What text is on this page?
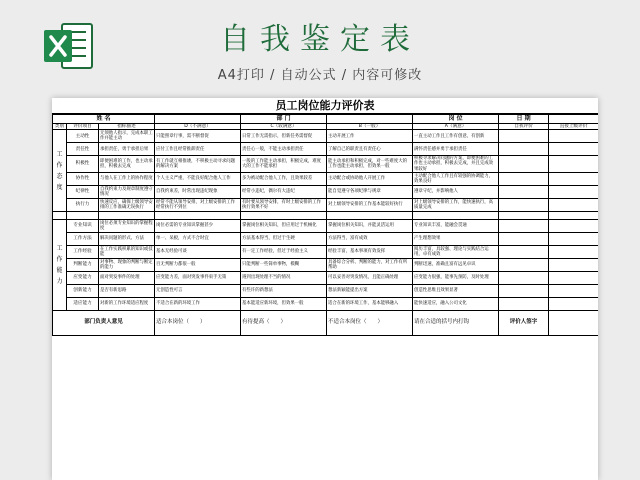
自我鉴定表
A4打印 / 自动公式 / 内容可修改
员工岗位能力评价表
姓 名				部 门		岗 位	日 期	
类别	评价项目	指标描述	D（不满意）	C（较满意）	B（一般）	A（满意）	自我评价	直接上级评价
工作态度	主动性	无须他人指示，完成本职工作并能主动	只能照章行事，需不断督促	日常工作无需指示，但新任务需督促	主动开展工作	一直主动工作且工作有创意，有创新		
	责任性	承担责任，勇于承担后果	应付工作且经常推卸责任	责任心一般，不能主动承担责任	了解自己的职责且有责任心	满怀责任感并勇于承担责任		
	积极性	即便困难的工作，也主动承担，积极去完成	有工作就互相推诿，不积极主动寻求问题的解决方案	一般的工作能主动承担，积极完成，难度大的工作不能承担	能主动承担和积极完成，对一些难度大的工作也能主动承担，但效果一般	积极寻求解决问题的方案，即便困难的工作也主动承担，积极去完成，并且完成效果较好		
	协作性	与他人在工作上的协作程度	个人主义严重，不能良好配合他人工作	多为被动配合他人工作，且效果较差	主动配合或协助他人开展工作	主动配合他人工作且有较强的协调能力，效果良好		
	纪律性	自我约束力及规章制度遵守情况	自我约束差，时常出现违纪现象	经常小违纪，偶尔有大违纪	能自觉遵守各项纪律与规章	遵章守纪，并影响他人		
	执行力	快速反应，确保上级领导安排的工作准确无误执行	经常不能从领导安排，对上级安排的工作经常执行不到位	有时要从领导安排，有时上级安排的工作执行效果不好	对上级领导安排的工作基本能较好执行	对上级领导安排的工作，能快速执行，高质量完成		

工作能力	专业知识	岗位必须专业知识的掌握程度	岗位必需的专业知识掌握甚少	掌握岗位相关知识，但应用过于机械化	掌握岗位相关知识，并能灵活运用	专业知识丰富，能融会贯通		
	工作方法	解决问题的形式、方法	单一、呆板，方式不合时宜	方法基本得当，但过于生硬	方法得当，富有成效	产生理想效果		
	工作经验	在工作实践积累的知识或技能	基本无经验可谈	有一定工作经验，但过于经验主义	经验丰富，基本事项有效发挥	阅历丰富，具较强、理论与实践结合运用，卓有成效		
	判断能力	对事物、现象的判断与断定的能力	百无判断力都很一般	只能判断一些简单事物，模糊	具备综合分析、判断的能力，对工作有所帮助	判断迅速，准确且富有远见卓识		
	应变能力	面对突发事件的处理	应变能力差，面对突发事件束手无策	遇到出现处理不当的情况	可以妥善对突发情况，且能正确处理	应变能力很强，能事先预防，及时处理		
	创新能力	是否有新思路	无创造性可言	有些许的新想法	想法新颖能提出方案	创造性思维且效果显著		
	适应能力	对新的工作环境适应程度	不适合在新的环境工作	基本能适应新环境，但效果一般	适合在新的环境工作，基本能够融入	能快速适应，融入公司文化		
部门负责人意见			适合本岗位（　　）	有待提高（　　）	不适合本岗位（　　）	请在合适的括号内打钩	评价人签字	
